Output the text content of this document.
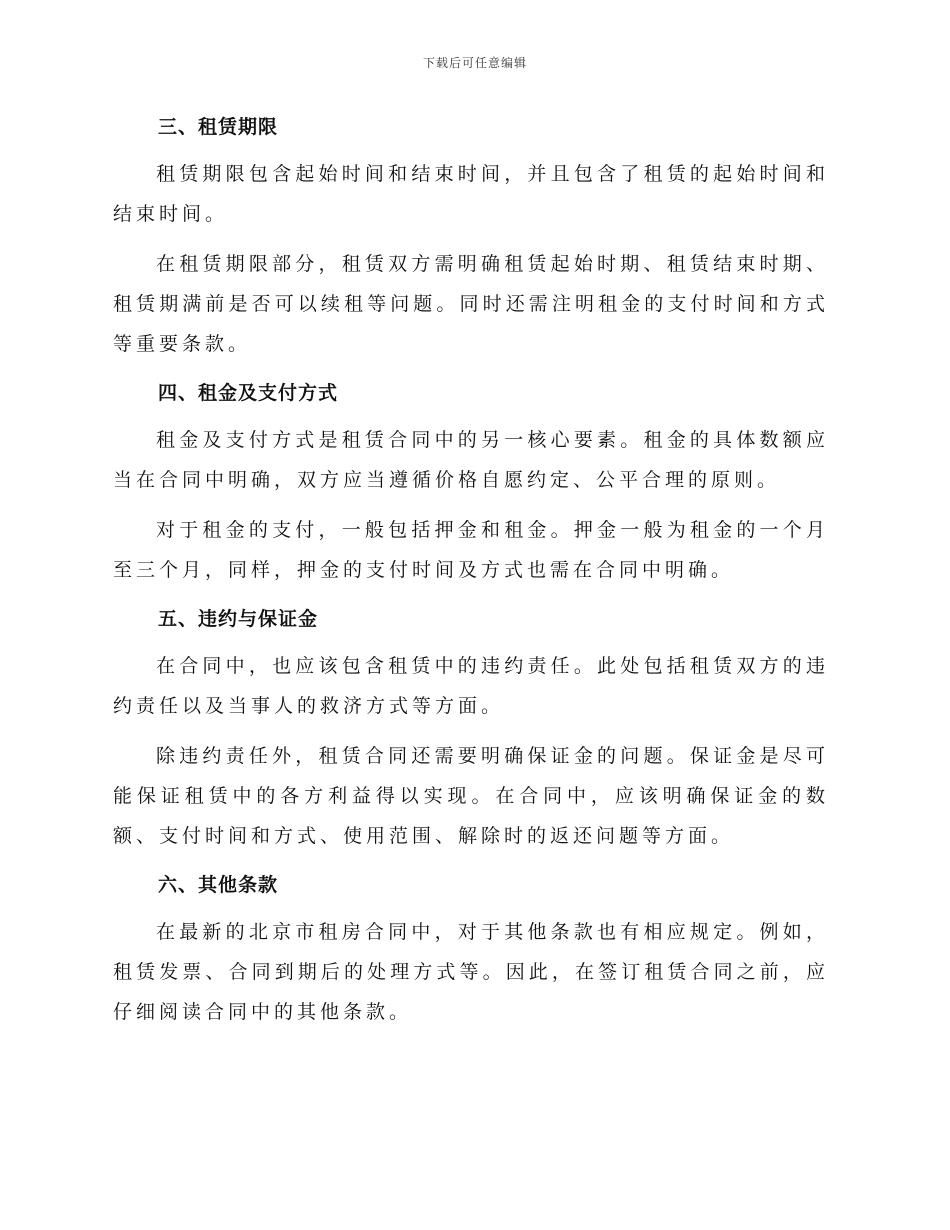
下载后可任意编辑
三、租赁期限

租赁期限包含起始时间和结束时间，并且包含了租赁的起始时间和结束时间。

在租赁期限部分，租赁双方需明确租赁起始时期、租赁结束时期、租赁期满前是否可以续租等问题。同时还需注明租金的支付时间和方式等重要条款。

四、租金及支付方式

租金及支付方式是租赁合同中的另一核心要素。租金的具体数额应当在合同中明确，双方应当遵循价格自愿约定、公平合理的原则。

对于租金的支付，一般包括押金和租金。押金一般为租金的一个月至三个月，同样，押金的支付时间及方式也需在合同中明确。

五、违约与保证金

在合同中，也应该包含租赁中的违约责任。此处包括租赁双方的违约责任以及当事人的救济方式等方面。

除违约责任外，租赁合同还需要明确保证金的问题。保证金是尽可能保证租赁中的各方利益得以实现。在合同中，应该明确保证金的数额、支付时间和方式、使用范围、解除时的返还问题等方面。

六、其他条款

在最新的北京市租房合同中，对于其他条款也有相应规定。例如，租赁发票、合同到期后的处理方式等。因此，在签订租赁合同之前，应仔细阅读合同中的其他条款。
